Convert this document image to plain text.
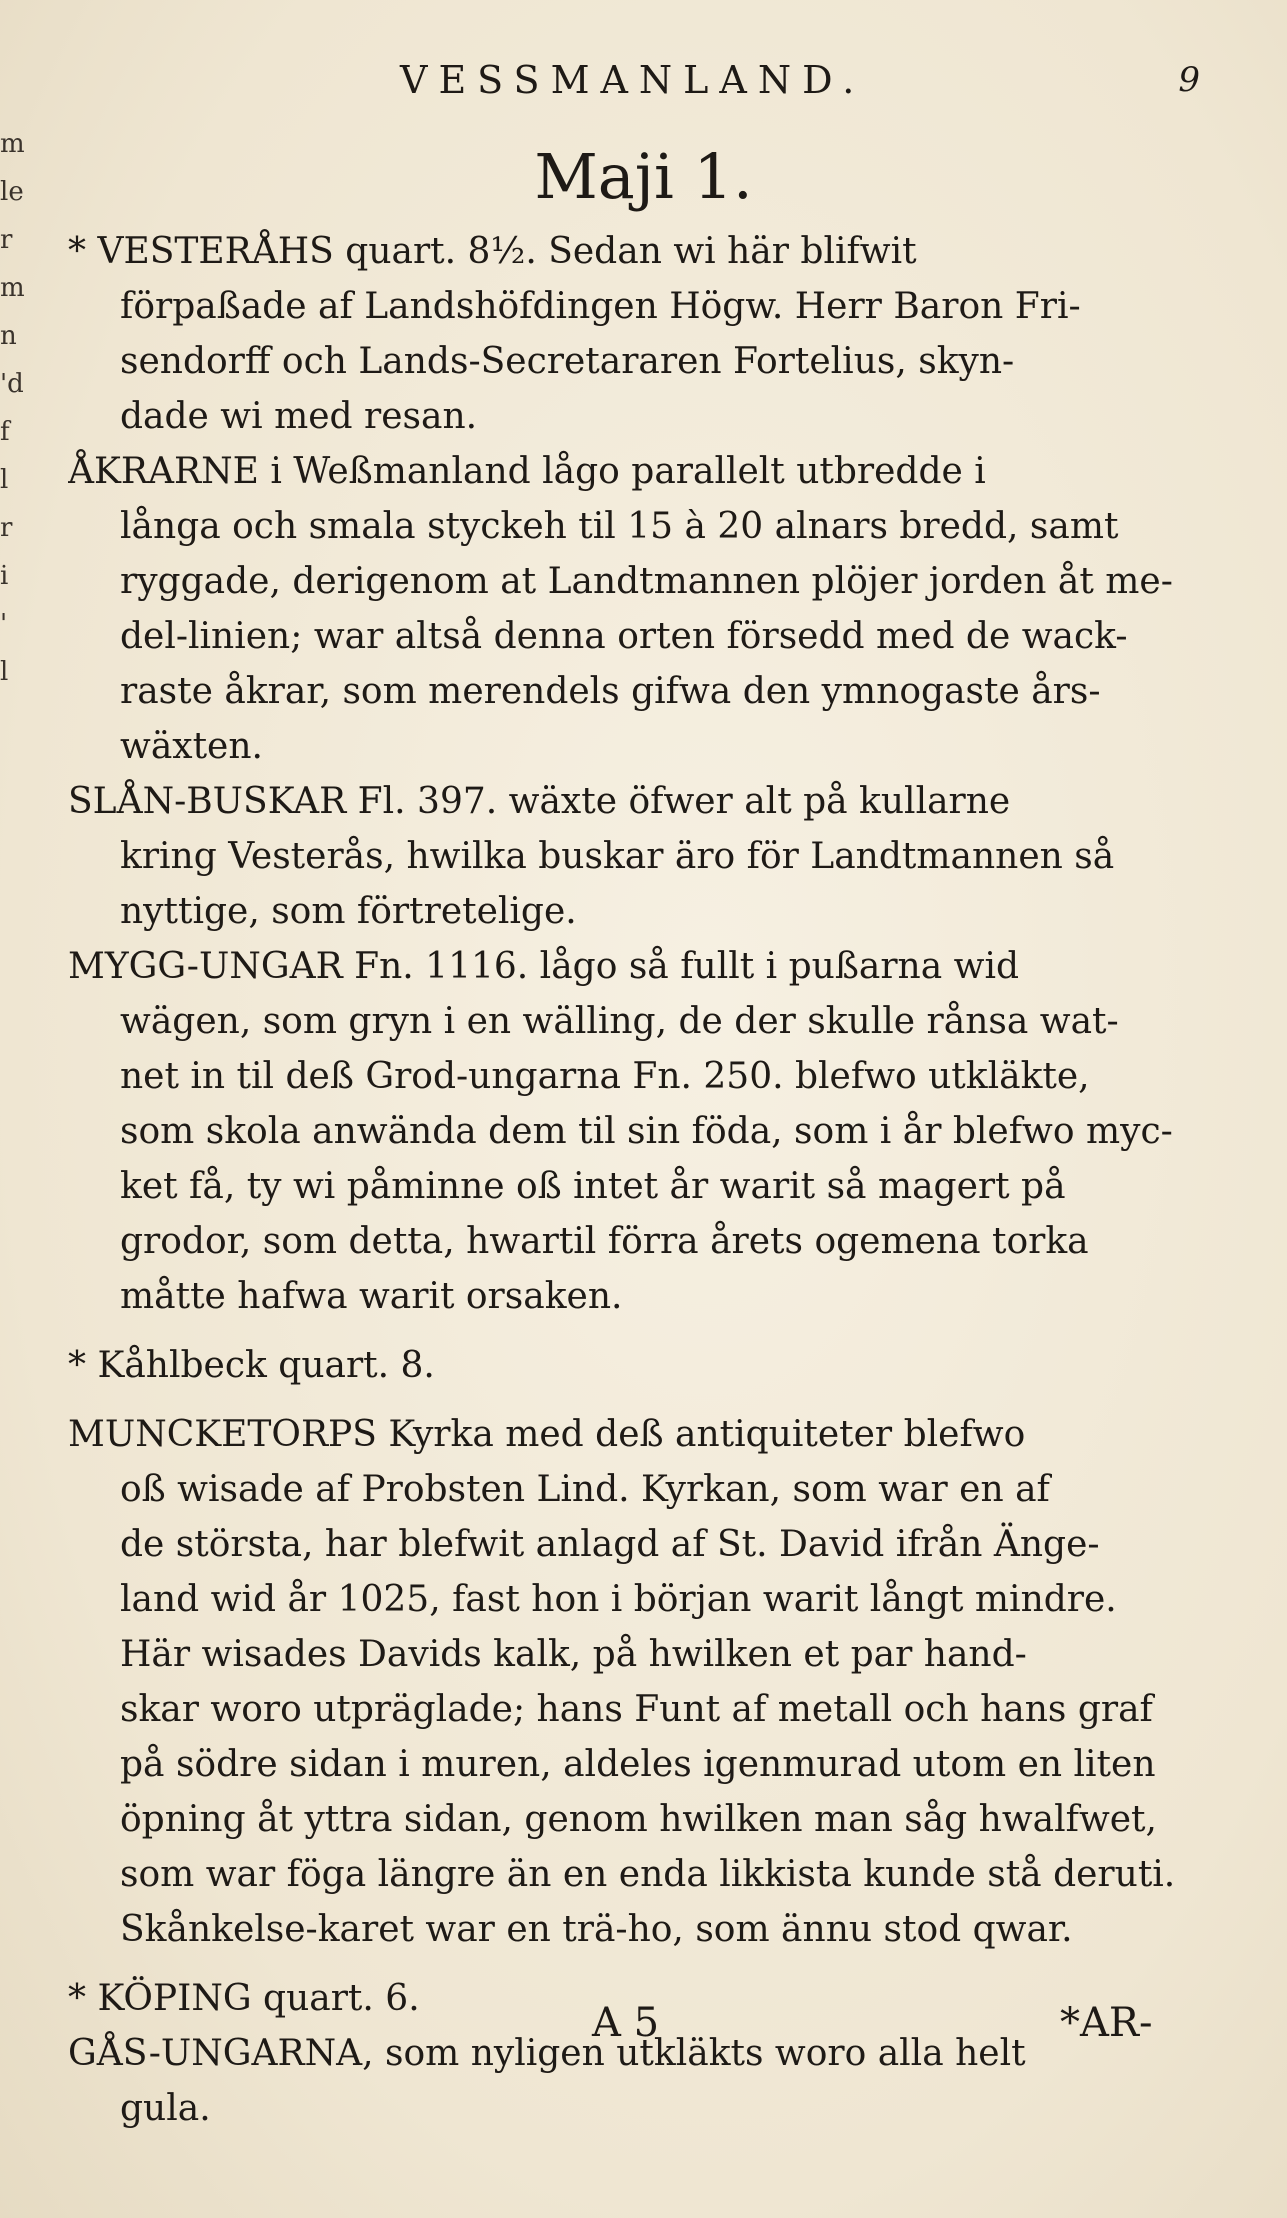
m
le
r
m
n
'd
f
l
r
i
'
l
VESSMANLAND.	9
Maji 1.
* VESTERÅHS quart. 8½. Sedan wi här blifwit
förpaßade af Landshöfdingen Högw. Herr Baron Fri-
sendorff och Lands-Secretararen Fortelius, skyn-
dade wi med resan.
ÅKRARNE i Weßmanland lågo parallelt utbredde i
långa och smala styckeh til 15 à 20 alnars bredd, samt
ryggade, derigenom at Landtmannen plöjer jorden åt me-
del-linien; war altså denna orten försedd med de wack-
raste åkrar, som merendels gifwa den ymnogaste års-
wäxten.
SLÅN-BUSKAR Fl. 397. wäxte öfwer alt på kullarne
kring Vesterås, hwilka buskar äro för Landtmannen så
nyttige, som förtretelige.
MYGG-UNGAR Fn. 1116. lågo så fullt i pußarna wid
wägen, som gryn i en wälling, de der skulle rånsa wat-
net in til deß Grod-ungarna Fn. 250. blefwo utkläkte,
som skola anwända dem til sin föda, som i år blefwo myc-
ket få, ty wi påminne oß intet år warit så magert på
grodor, som detta, hwartil förra årets ogemena torka
måtte hafwa warit orsaken.
* Kåhlbeck quart. 8.
MUNCKETORPS Kyrka med deß antiquiteter blefwo
oß wisade af Probsten Lind. Kyrkan, som war en af
de största, har blefwit anlagd af St. David ifrån Änge-
land wid år 1025, fast hon i början warit långt mindre.
Här wisades Davids kalk, på hwilken et par hand-
skar woro utpräglade; hans Funt af metall och hans graf
på södre sidan i muren, aldeles igenmurad utom en liten
öpning åt yttra sidan, genom hwilken man såg hwalfwet,
som war föga längre än en enda likkista kunde stå deruti.
Skånkelse-karet war en trä-ho, som ännu stod qwar.
* KÖPING quart. 6.
GÅS-UNGARNA, som nyligen utkläkts woro alla helt
gula.
A 5	*AR-
